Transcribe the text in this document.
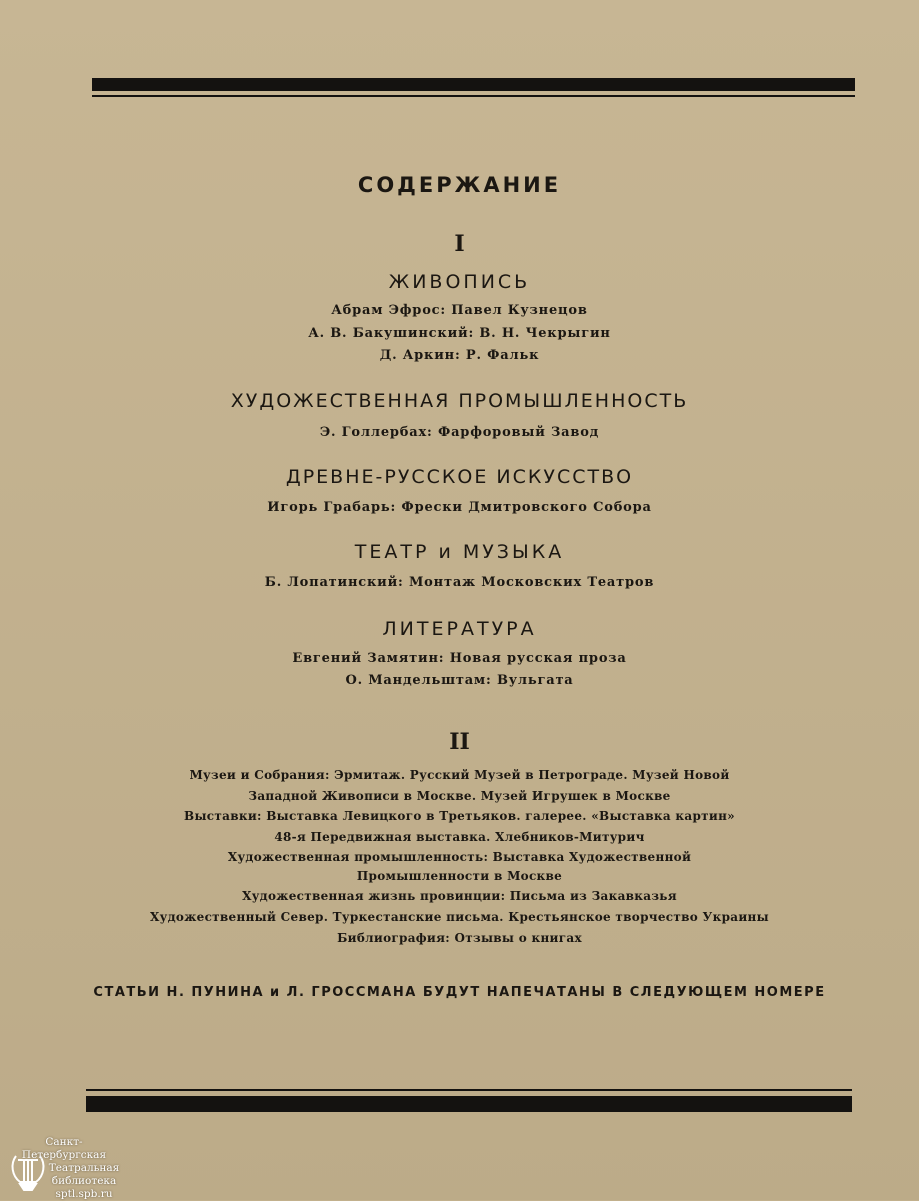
СОДЕРЖАНИЕ
I
ЖИВОПИСЬ
Абрам Эфрос: Павел Кузнецов
А. В. Бакушинский: В. Н. Чекрыгин
Д. Аркин: Р. Фальк
ХУДОЖЕСТВЕННАЯ ПРОМЫШЛЕННОСТЬ
Э. Голлербах: Фарфоровый Завод
ДРЕВНЕ-РУССКОЕ ИСКУССТВО
Игорь Грабарь: Фрески Дмитровского Собора
ТЕАТР и МУЗЫКА
Б. Лопатинский: Монтаж Московских Театров
ЛИТЕРАТУРА
Евгений Замятин: Новая русская проза
О. Мандельштам: Вульгата
II
Музеи и Собрания: Эрмитаж. Русский Музей в Петрограде. Музей Новой
Западной Живописи в Москве. Музей Игрушек в Москве
Выставки: Выставка Левицкого в Третьяков. галерее. «Выставка картин»
48-я Передвижная выставка. Хлебников-Митурич
Художественная промышленность: Выставка Художественной
Промышленности в Москве
Художественная жизнь провинции: Письма из Закавказья
Художественный Север. Туркестанские письма. Крестьянское творчество Украины
Библиография: Отзывы о книгах
СТАТЬИ Н. ПУНИНА и Л. ГРОССМАНА БУДУТ НАПЕЧАТАНЫ В СЛЕДУЮЩЕМ НОМЕРЕ
Санкт-Петербургская
Театральная
библиотека
sptl.spb.ru
